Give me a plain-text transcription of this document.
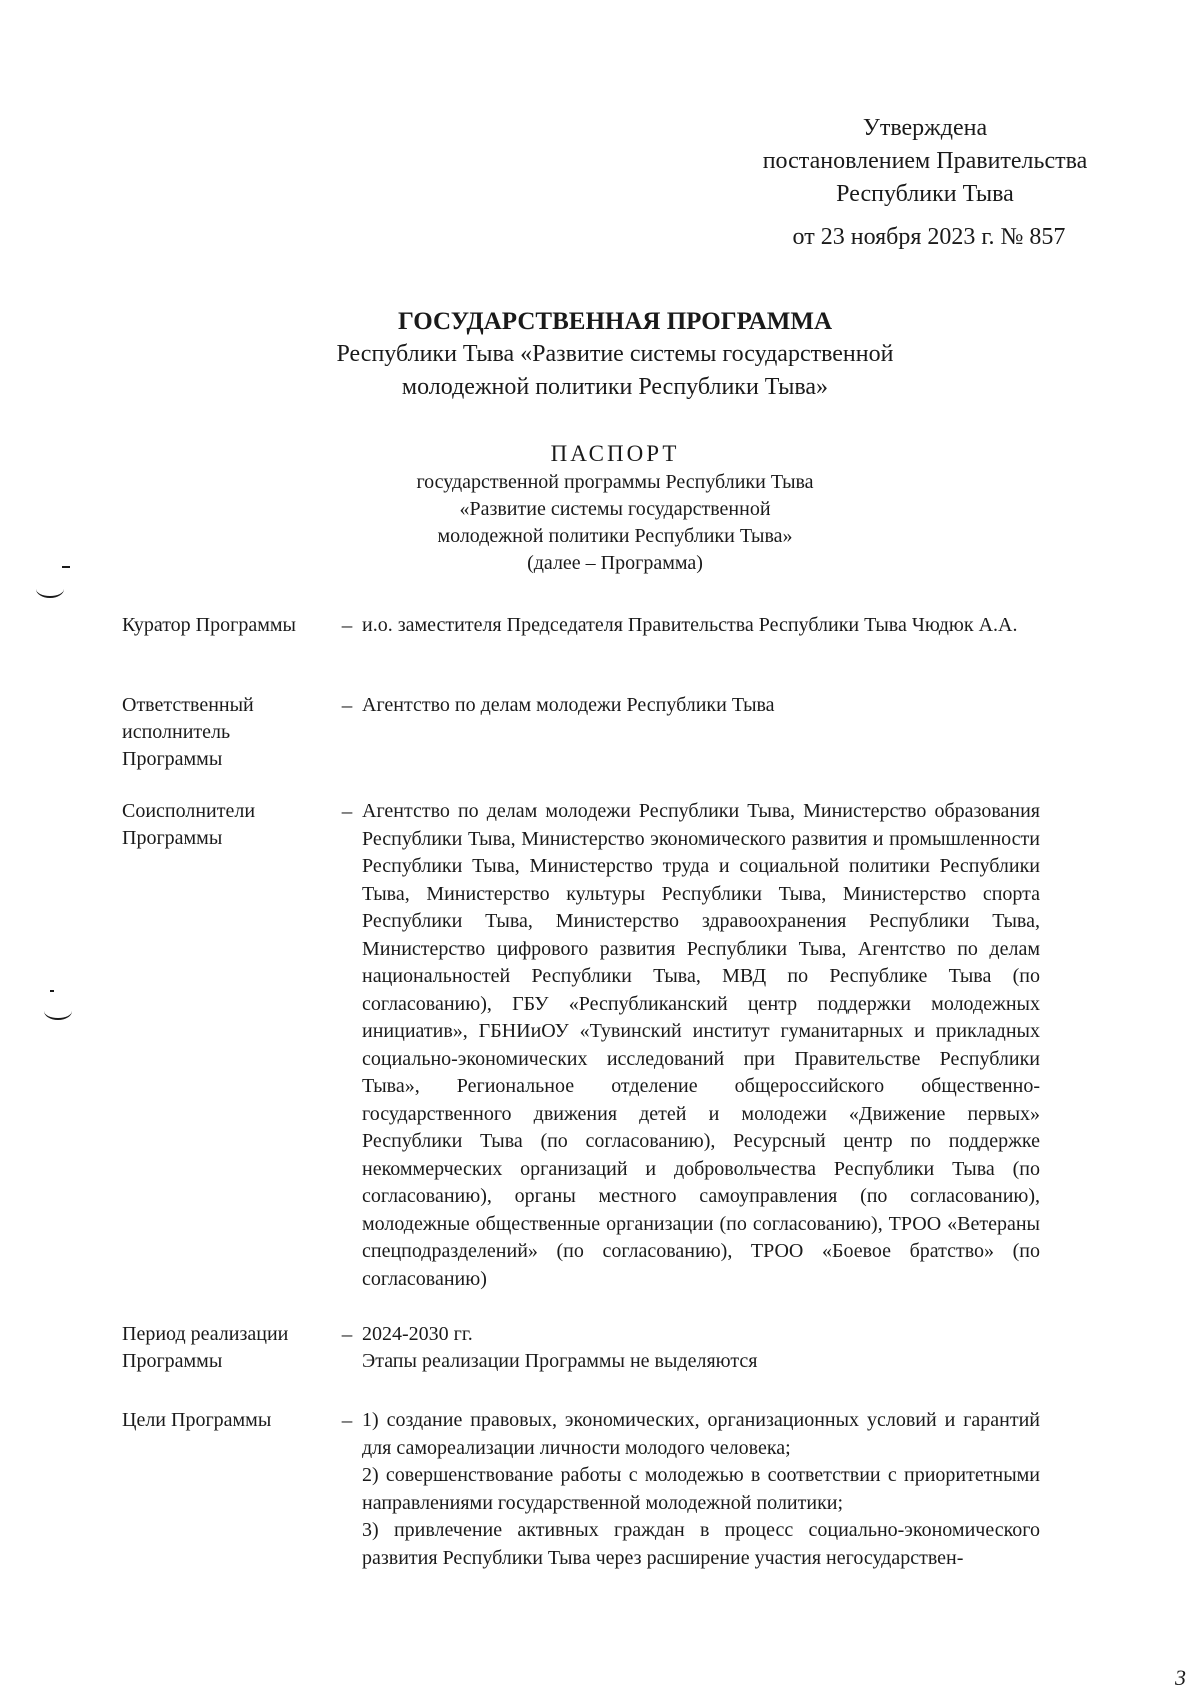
Утверждена
постановлением Правительства
Республики Тыва
от 23 ноября 2023 г. № 857
ГОСУДАРСТВЕННАЯ ПРОГРАММА
Республики Тыва «Развитие системы государственной
молодежной политики Республики Тыва»
ПАСПОРТ
государственной программы Республики Тыва
«Развитие системы государственной
молодежной политики Республики Тыва»
(далее – Программа)
Куратор Программы	– и.о. заместителя Председателя Правительства Республики Тыва Чюдюк А.А.
Ответственный исполнитель Программы
– Агентство по делам молодежи Республики Тыва
Соисполнители Программы
– Агентство по делам молодежи Республики Тыва, Министерство образования Республики Тыва, Министерство экономического развития и промышленности Республики Тыва, Министерство труда и социальной политики Республики Тыва, Министерство культуры Республики Тыва, Министерство спорта Республики Тыва, Министерство здравоохранения Республики Тыва, Министерство цифрового развития Республики Тыва, Агентство по делам национальностей Республики Тыва, МВД по Республике Тыва (по согласованию), ГБУ «Республиканский центр поддержки молодежных инициатив», ГБНИиОУ «Тувинский институт гуманитарных и прикладных социально-экономических исследований при Правительстве Республики Тыва», Региональное отделение общероссийского общественно-государственного движения детей и молодежи «Движение первых» Республики Тыва (по согласованию), Ресурсный центр по поддержке некоммерческих организаций и добровольчества Республики Тыва (по согласованию), органы местного самоуправления (по согласованию), молодежные общественные организации (по согласованию), ТРОО «Ветераны спецподразделений» (по согласованию), ТРОО «Боевое братство» (по согласованию)
Период реализации Программы
– 2024-2030 гг.

Этапы реализации Программы не выделяются

Цели Программы	– 1) создание правовых, экономических, организационных условий и гарантий для самореализации личности молодого человека;

2) совершенствование работы с молодежью в соответствии с приоритетными направлениями государственной молодежной политики;

3) привлечение активных граждан в процесс социально-экономического развития Республики Тыва через расширение участия негосударствен-

3
